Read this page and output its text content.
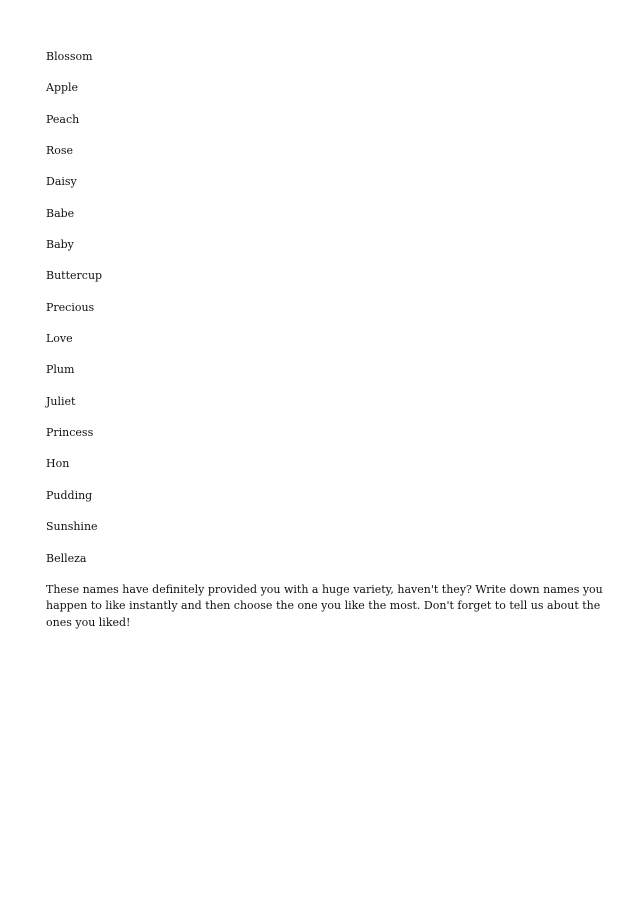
Blossom
Apple
Peach
Rose
Daisy
Babe
Baby
Buttercup
Precious
Love
Plum
Juliet
Princess
Hon
Pudding
Sunshine
Belleza

These names have definitely provided you with a huge variety, haven't they? Write down names you happen to like instantly and then choose the one you like the most. Don't forget to tell us about the ones you liked!
